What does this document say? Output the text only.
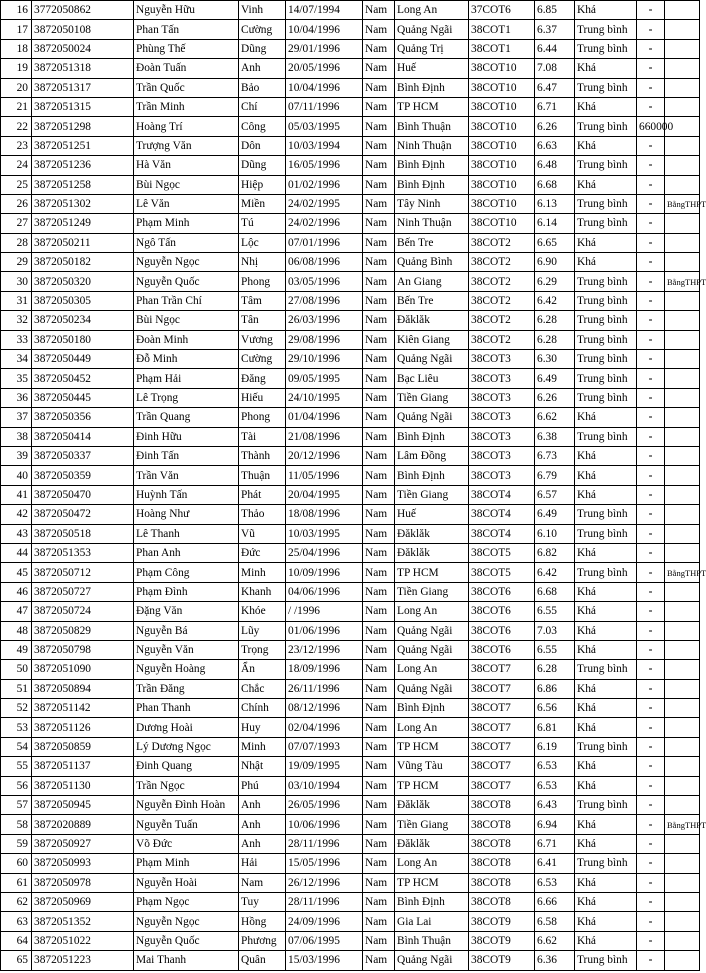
16	3772050862	Nguyễn Hữu	Vinh	14/07/1994	Nam	Long An	37COT6	6.85	Khá	-	
17	3872050108	Phan Tấn	Cường	10/04/1996	Nam	Quảng Ngãi	38COT1	6.37	Trung bình	-	
18	3872050024	Phùng Thế	Dũng	29/01/1996	Nam	Quảng Trị	38COT1	6.44	Trung bình	-	
19	3872051318	Đoàn Tuấn	Anh	20/05/1996	Nam	Huế	38COT10	7.08	Khá	-	
20	3872051317	Trần Quốc	Bảo	10/04/1996	Nam	Bình Định	38COT10	6.47	Trung bình	-	
21	3872051315	Trần Minh	Chí	07/11/1996	Nam	TP HCM	38COT10	6.71	Khá	-	
22	3872051298	Hoàng Trí	Công	05/03/1995	Nam	Bình Thuận	38COT10	6.26	Trung bình	660000	
23	3872051251	Trượng Văn	Dôn	10/03/1994	Nam	Ninh Thuận	38COT10	6.63	Khá	-	
24	3872051236	Hà Văn	Dũng	16/05/1996	Nam	Bình Định	38COT10	6.48	Trung bình	-	
25	3872051258	Bùi Ngọc	Hiệp	01/02/1996	Nam	Bình Định	38COT10	6.68	Khá	-	
26	3872051302	Lê Văn	Miền	24/02/1995	Nam	Tây Ninh	38COT10	6.13	Trung bình	-	BằngTHPT
27	3872051249	Phạm Minh	Tú	24/02/1996	Nam	Ninh Thuận	38COT10	6.14	Trung bình	-	
28	3872050211	Ngô Tấn	Lộc	07/01/1996	Nam	Bến Tre	38COT2	6.65	Khá	-	
29	3872050182	Nguyễn Ngọc	Nhị	06/08/1996	Nam	Quảng Bình	38COT2	6.90	Khá	-	
30	3872050320	Nguyễn Quốc	Phong	03/05/1996	Nam	An Giang	38COT2	6.29	Trung bình	-	BằngTHPT
31	3872050305	Phan Trần Chí	Tâm	27/08/1996	Nam	Bến Tre	38COT2	6.42	Trung bình	-	
32	3872050234	Bùi Ngọc	Tân	26/03/1996	Nam	Đăklăk	38COT2	6.28	Trung bình	-	
33	3872050180	Đoàn Minh	Vương	29/08/1996	Nam	Kiên Giang	38COT2	6.28	Trung bình	-	
34	3872050449	Đỗ Minh	Cường	29/10/1996	Nam	Quảng Ngãi	38COT3	6.30	Trung bình	-	
35	3872050452	Phạm Hải	Đăng	09/05/1995	Nam	Bạc Liêu	38COT3	6.49	Trung bình	-	
36	3872050445	Lê Trọng	Hiếu	24/10/1995	Nam	Tiền Giang	38COT3	6.26	Trung bình	-	
37	3872050356	Trần Quang	Phong	01/04/1996	Nam	Quảng Ngãi	38COT3	6.62	Khá	-	
38	3872050414	Đinh Hữu	Tài	21/08/1996	Nam	Bình Định	38COT3	6.38	Trung bình	-	
39	3872050337	Đinh Tấn	Thành	20/12/1996	Nam	Lâm Đồng	38COT3	6.73	Khá	-	
40	3872050359	Trần Văn	Thuận	11/05/1996	Nam	Bình Định	38COT3	6.79	Khá	-	
41	3872050470	Huỳnh Tấn	Phát	20/04/1995	Nam	Tiền Giang	38COT4	6.57	Khá	-	
42	3872050472	Hoàng Như	Thảo	18/08/1996	Nam	Huế	38COT4	6.49	Trung bình	-	
43	3872050518	Lê Thanh	Vũ	10/03/1995	Nam	Đăklăk	38COT4	6.10	Trung bình	-	
44	3872051353	Phan Anh	Đức	25/04/1996	Nam	Đăklăk	38COT5	6.82	Khá	-	
45	3872050712	Phạm Công	Minh	10/09/1996	Nam	TP HCM	38COT5	6.42	Trung bình	-	BằngTHPT
46	3872050727	Phạm Đình	Khanh	04/06/1996	Nam	Tiền Giang	38COT6	6.68	Khá	-	
47	3872050724	Đặng Văn	Khóe	/ /1996	Nam	Long An	38COT6	6.55	Khá	-	
48	3872050829	Nguyễn Bá	Lũy	01/06/1996	Nam	Quảng Ngãi	38COT6	7.03	Khá	-	
49	3872050798	Nguyễn Văn	Trọng	23/12/1996	Nam	Quảng Ngãi	38COT6	6.55	Khá	-	
50	3872051090	Nguyễn Hoàng	Ẩn	18/09/1996	Nam	Long An	38COT7	6.28	Trung bình	-	
51	3872050894	Trần Đăng	Chắc	26/11/1996	Nam	Quảng Ngãi	38COT7	6.86	Khá	-	
52	3872051142	Phan Thanh	Chính	08/12/1996	Nam	Bình Định	38COT7	6.56	Khá	-	
53	3872051126	Dương Hoài	Huy	02/04/1996	Nam	Long An	38COT7	6.81	Khá	-	
54	3872050859	Lý Dương Ngọc	Minh	07/07/1993	Nam	TP HCM	38COT7	6.19	Trung bình	-	
55	3872051137	Đinh Quang	Nhật	19/09/1995	Nam	Vũng Tàu	38COT7	6.53	Khá	-	
56	3872051130	Trần Ngọc	Phú	03/10/1994	Nam	TP HCM	38COT7	6.53	Khá	-	
57	3872050945	Nguyễn Đình Hoàn	Anh	26/05/1996	Nam	Đăklăk	38COT8	6.43	Trung bình	-	
58	3872020889	Nguyễn Tuấn	Anh	10/06/1996	Nam	Tiền Giang	38COT8	6.94	Khá	-	BằngTHPT
59	3872050927	Võ Đức	Anh	28/11/1996	Nam	Đăklăk	38COT8	6.71	Khá	-	
60	3872050993	Phạm Minh	Hải	15/05/1996	Nam	Long An	38COT8	6.41	Trung bình	-	
61	3872050978	Nguyễn Hoài	Nam	26/12/1996	Nam	TP HCM	38COT8	6.53	Khá	-	
62	3872050969	Phạm Ngọc	Tuy	28/11/1996	Nam	Bình Định	38COT8	6.66	Khá	-	
63	3872051352	Nguyễn Ngọc	Hồng	24/09/1996	Nam	Gia Lai	38COT9	6.58	Khá	-	
64	3872051022	Nguyễn Quốc	Phương	07/06/1995	Nam	Bình Thuận	38COT9	6.62	Khá	-	
65	3872051223	Mai Thanh	Quân	15/03/1996	Nam	Quảng Ngãi	38COT9	6.36	Trung bình	-	
